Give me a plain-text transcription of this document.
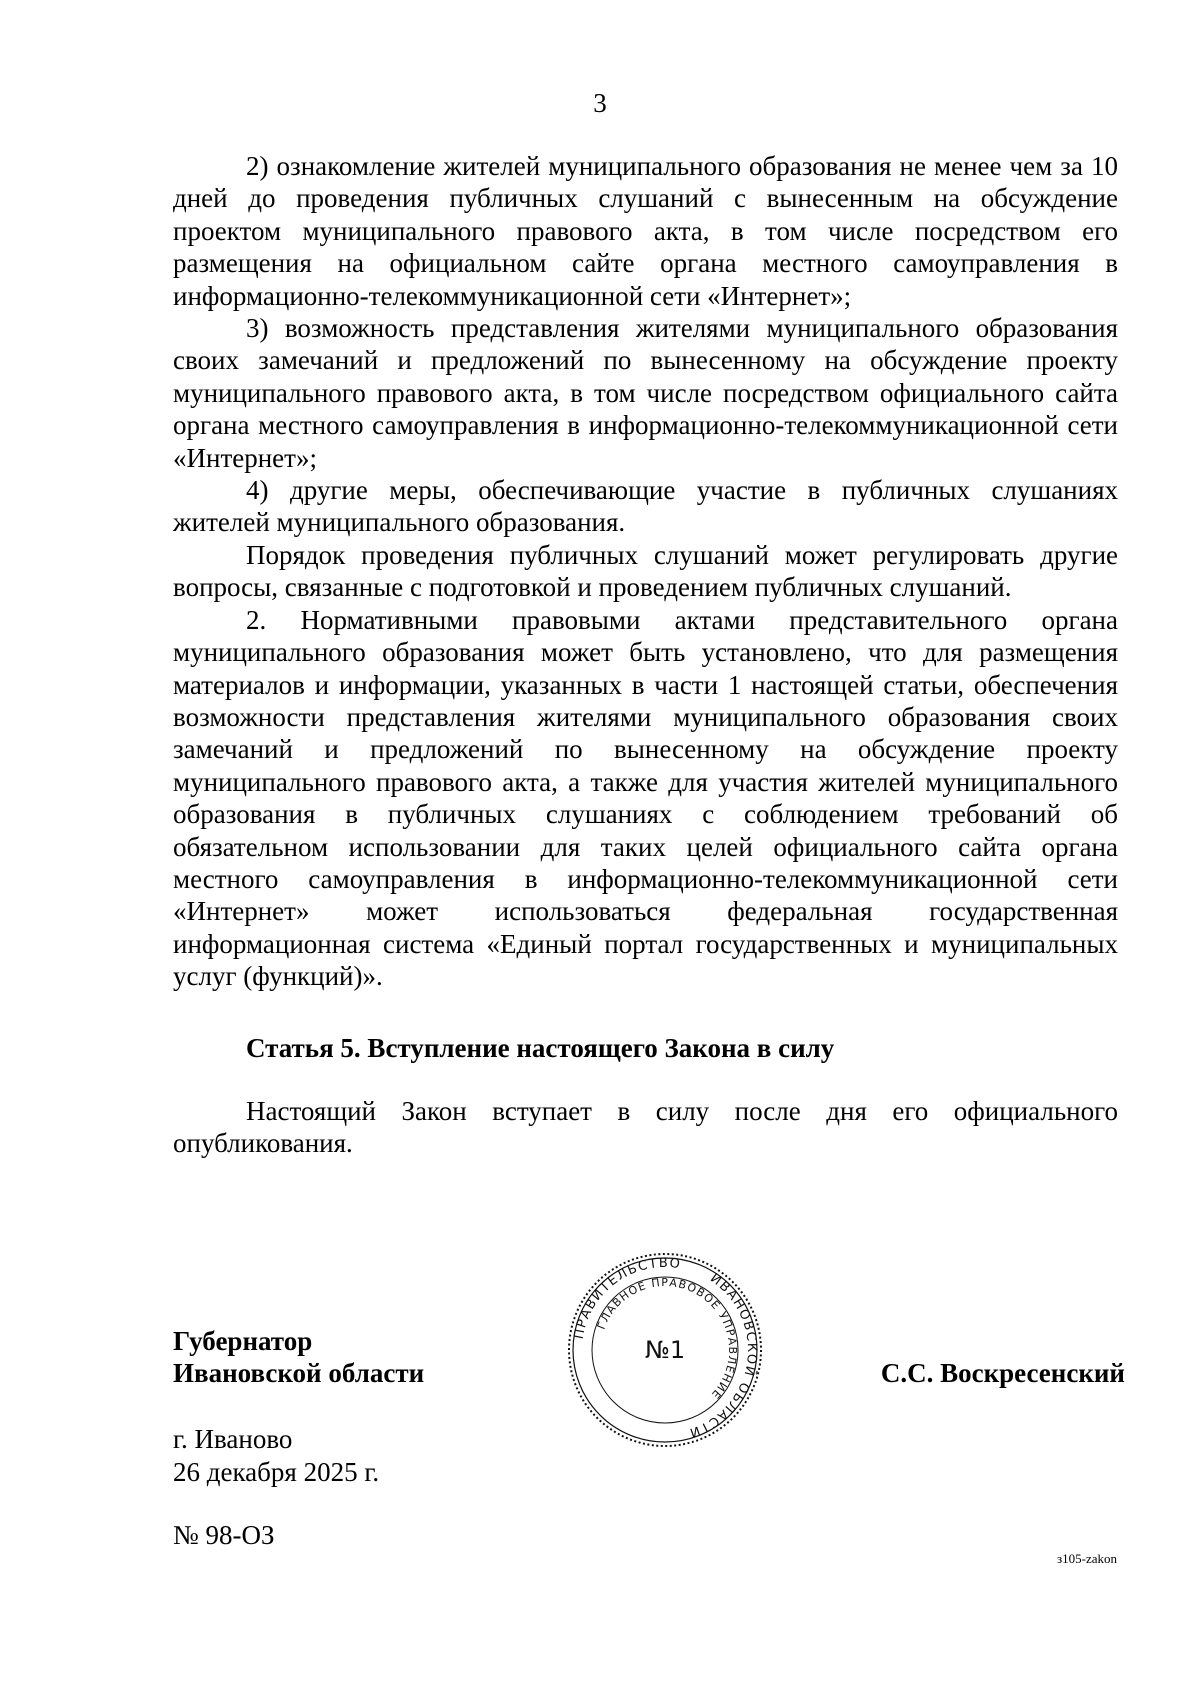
3

2) ознакомление жителей муниципального образования не менее чем за 10 дней до проведения публичных слушаний с вынесенным на обсуждение проектом муниципального правового акта, в том числе посредством его размещения на официальном сайте органа местного самоуправления в информационно-телекоммуникационной сети «Интернет»;

3) возможность представления жителями муниципального образования своих замечаний и предложений по вынесенному на обсуждение проекту муниципального правового акта, в том числе посредством официального сайта органа местного самоуправления в информационно-телекоммуникационной сети «Интернет»;

4) другие меры, обеспечивающие участие в публичных слушаниях жителей муниципального образования.

Порядок проведения публичных слушаний может регулировать другие вопросы, связанные с подготовкой и проведением публичных слушаний.

2. Нормативными правовыми актами представительного органа муниципального образования может быть установлено, что для размещения материалов и информации, указанных в части 1 настоящей статьи, обеспечения возможности представления жителями муниципального образования своих замечаний и предложений по вынесенному на обсуждение проекту муниципального правового акта, а также для участия жителей муниципального образования в публичных слушаниях с соблюдением требований об обязательном использовании для таких целей официального сайта органа местного самоуправления в информационно-телекоммуникационной сети «Интернет» может использоваться федеральная государственная информационная система «Единый портал государственных и муниципальных услуг (функций)».

Статья 5. Вступление настоящего Закона в силу

Настоящий Закон вступает в силу после дня его официального опубликования.

Губернатор
Ивановской области
ПРАВИТЕЛЬСТВО
ИВАНОВСКОЙ ОБЛАСТИ
ГЛАВНОЕ ПРАВОВОЕ УПРАВЛЕНИЕ
№1
С.С. Воскресенский
г. Иваново
26 декабря 2025 г.
№ 98-ОЗ
з105-zakon
